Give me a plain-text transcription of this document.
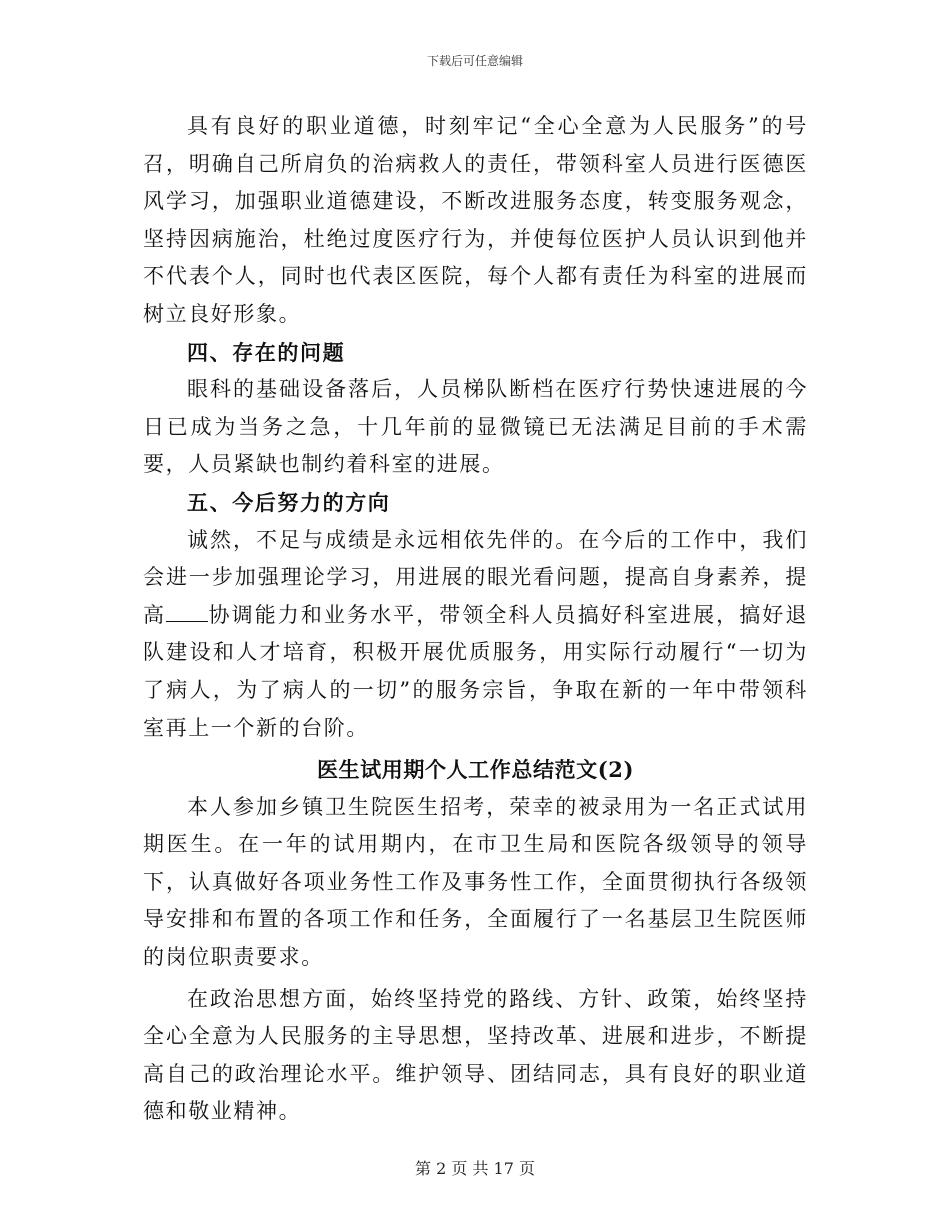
下载后可任意编辑

具有良好的职业道德，时刻牢记“全心全意为人民服务”的号召，明确自己所肩负的治病救人的责任，带领科室人员进行医德医风学习，加强职业道德建设，不断改进服务态度，转变服务观念，坚持因病施治，杜绝过度医疗行为，并使每位医护人员认识到他并不代表个人，同时也代表区医院，每个人都有责任为科室的进展而树立良好形象。

四、存在的问题

眼科的基础设备落后，人员梯队断档在医疗行势快速进展的今日已成为当务之急，十几年前的显微镜已无法满足目前的手术需要，人员紧缺也制约着科室的进展。

五、今后努力的方向

诚然，不足与成绩是永远相依先伴的。在今后的工作中，我们会进一步加强理论学习，用进展的眼光看问题，提高自身素养，提高 协调能力和业务水平，带领全科人员搞好科室进展，搞好退队建设和人才培育，积极开展优质服务，用实际行动履行“一切为了病人，为了病人的一切”的服务宗旨，争取在新的一年中带领科室再上一个新的台阶。

医生试用期个人工作总结范文(2)

本人参加乡镇卫生院医生招考，荣幸的被录用为一名正式试用期医生。在一年的试用期内，在市卫生局和医院各级领导的领导下，认真做好各项业务性工作及事务性工作，全面贯彻执行各级领导安排和布置的各项工作和任务，全面履行了一名基层卫生院医师的岗位职责要求。

在政治思想方面，始终坚持党的路线、方针、政策，始终坚持全心全意为人民服务的主导思想，坚持改革、进展和进步，不断提高自己的政治理论水平。维护领导、团结同志，具有良好的职业道德和敬业精神。

第 2 页 共 17 页
